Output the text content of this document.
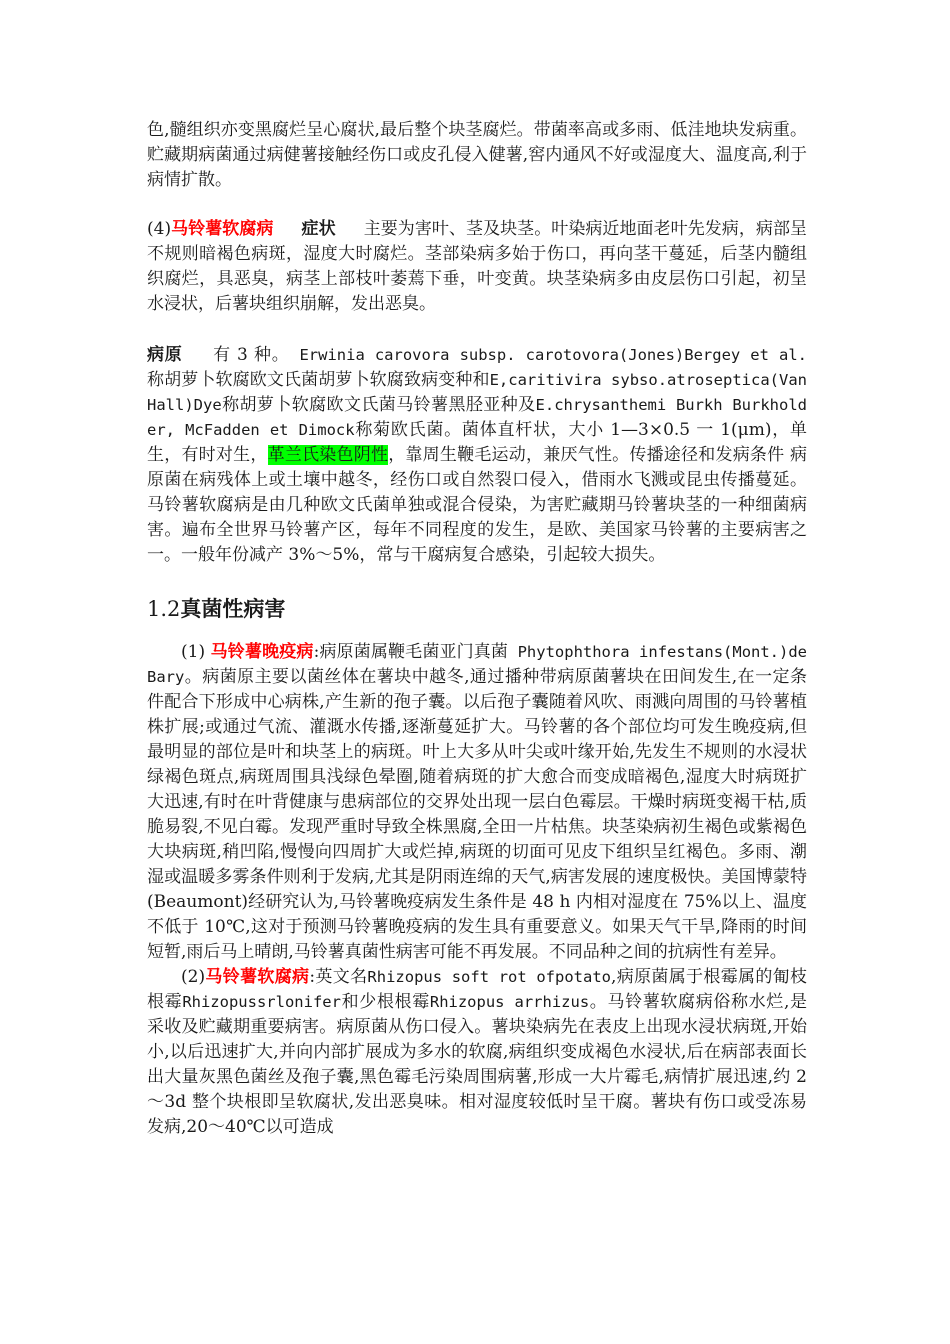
色,髓组织亦变黑腐烂呈心腐状,最后整个块茎腐烂。带菌率高或多雨、低洼地块发病重。贮藏期病菌通过病健薯接触经伤口或皮孔侵入健薯,窖内通风不好或湿度大、温度高,利于病情扩散。

(4)马铃薯软腐病 症状 主要为害叶、茎及块茎。叶染病近地面老叶先发病，病部呈不规则暗褐色病斑，湿度大时腐烂。茎部染病多始于伤口，再向茎干蔓延，后茎内髓组织腐烂，具恶臭，病茎上部枝叶萎蔫下垂，叶变黄。块茎染病多由皮层伤口引起，初呈水浸状，后薯块组织崩解，发出恶臭。

病原 有 3 种。 Erwinia carovora subsp. carotovora(Jones)Bergey et al.称胡萝卜软腐欧文氏菌胡萝卜软腐致病变种和E,caritivira sybso.atroseptica(Van Hall)Dye称胡萝卜软腐欧文氏菌马铃薯黑胫亚种及E.chrysanthemi Burkh Burkholder, McFadden et Dimock称菊欧氏菌。菌体直杆状，大小 1—3×0.5 一 1(μm)，单生，有时对生，革兰氏染色阴性，靠周生鞭毛运动，兼厌气性。传播途径和发病条件 病原菌在病残体上或土壤中越冬，经伤口或自然裂口侵入，借雨水飞溅或昆虫传播蔓延。马铃薯软腐病是由几种欧文氏菌单独或混合侵染，为害贮藏期马铃薯块茎的一种细菌病害。遍布全世界马铃薯产区，每年不同程度的发生，是欧、美国家马铃薯的主要病害之一。一般年份减产 3%～5%，常与干腐病复合感染，引起较大损失。

1.2真菌性病害

(1) 马铃薯晚疫病:病原菌属鞭毛菌亚门真菌 Phytophthora infestans(Mont.)de Bary。病菌原主要以菌丝体在薯块中越冬,通过播种带病原菌薯块在田间发生,在一定条件配合下形成中心病株,产生新的孢子囊。以后孢子囊随着风吹、雨溅向周围的马铃薯植株扩展;或通过气流、灌溉水传播,逐渐蔓延扩大。马铃薯的各个部位均可发生晚疫病,但最明显的部位是叶和块茎上的病斑。叶上大多从叶尖或叶缘开始,先发生不规则的水浸状绿褐色斑点,病斑周围具浅绿色晕圈,随着病斑的扩大愈合而变成暗褐色,湿度大时病斑扩大迅速,有时在叶背健康与患病部位的交界处出现一层白色霉层。干燥时病斑变褐干枯,质脆易裂,不见白霉。发现严重时导致全株黑腐,全田一片枯焦。块茎染病初生褐色或紫褐色大块病斑,稍凹陷,慢慢向四周扩大或烂掉,病斑的切面可见皮下组织呈红褐色。多雨、潮湿或温暖多雾条件则利于发病,尤其是阴雨连绵的天气,病害发展的速度极快。美国博蒙特(Beaumont)经研究认为,马铃薯晚疫病发生条件是 48 h 内相对湿度在 75%以上、温度不低于 10℃,这对于预测马铃薯晚疫病的发生具有重要意义。如果天气干旱,降雨的时间短暂,雨后马上晴朗,马铃薯真菌性病害可能不再发展。不同品种之间的抗病性有差异。

(2)马铃薯软腐病:英文名Rhizopus soft rot ofpotato,病原菌属于根霉属的匍枝根霉Rhizopussrlonifer和少根根霉Rhizopus arrhizus。马铃薯软腐病俗称水烂,是采收及贮藏期重要病害。病原菌从伤口侵入。薯块染病先在表皮上出现水浸状病斑,开始小,以后迅速扩大,并向内部扩展成为多水的软腐,病组织变成褐色水浸状,后在病部表面长出大量灰黑色菌丝及孢子囊,黑色霉毛污染周围病薯,形成一大片霉毛,病情扩展迅速,约 2～3d 整个块根即呈软腐状,发出恶臭味。相对湿度较低时呈干腐。薯块有伤口或受冻易发病,20～40℃以可造成
